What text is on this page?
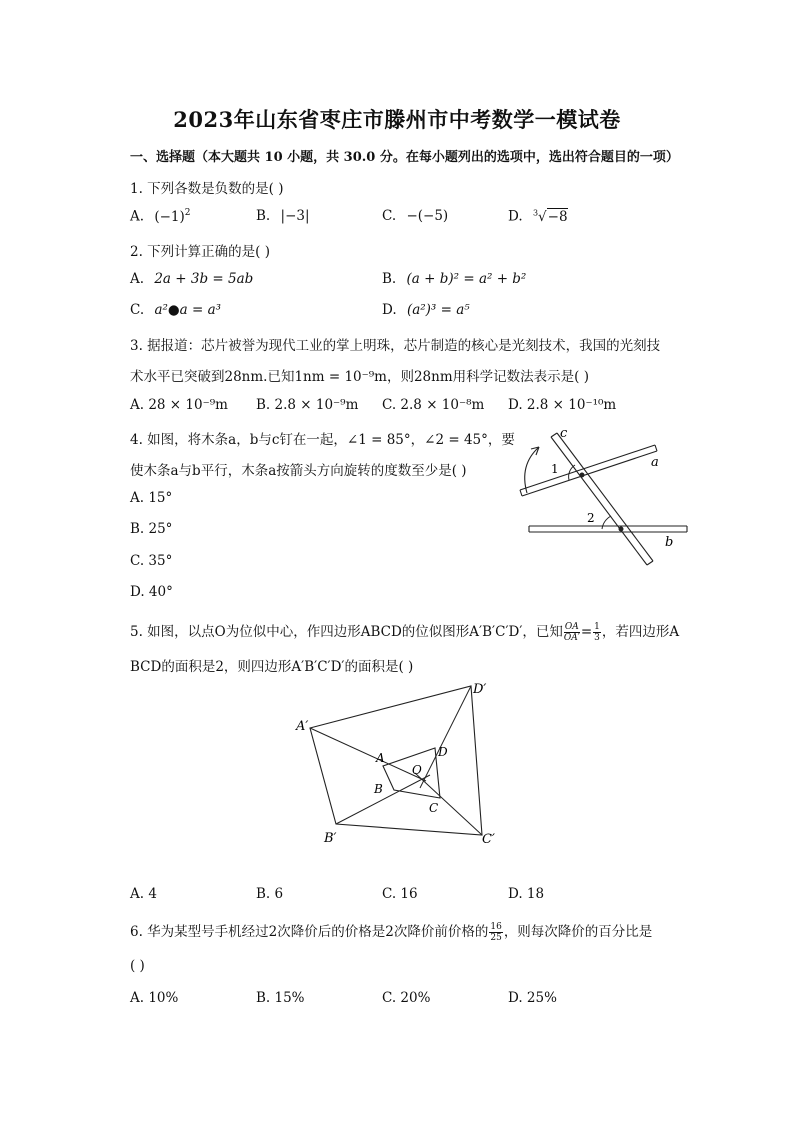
2023年山东省枣庄市滕州市中考数学一模试卷
一、选择题（本大题共 10 小题，共 30.0 分。在每小题列出的选项中，选出符合题目的一项）
1. 下列各数是负数的是( )
A. $(-1)^2$	B. |−3|	C. −(−5)	D. $^3$√−8
2. 下列计算正确的是( )
A. 2a + 3b = 5ab	B. (a + b)² = a² + b²
C. a²●a = a³	D. (a²)³ = a⁵
3. 据报道：芯片被誉为现代工业的掌上明珠，芯片制造的核心是光刻技术，我国的光刻技
术水平已突破到28nm.已知1nm = 10⁻⁹m，则28nm用科学记数法表示是( )
A. 28 × 10⁻⁹m B. 2.8 × 10⁻⁹m C. 2.8 × 10⁻⁸m D. 2.8 × 10⁻¹⁰m
4. 如图，将木条a，b与c钉在一起，∠1 = 85°，∠2 = 45°，要
使木条a与b平行，木条a按箭头方向旋转的度数至少是( )
A. 15°
B. 25°
C. 35°
D. 40°
c
a
b
1
2
5. 如图，以点O为位似中心，作四边形ABCD的位似图形A′B′C′D′，已知 $\frac{OA}{OA'} = \frac{1}{3}$ ，若四边形A
BCD的面积是2，则四边形A′B′C′D′的面积是( )
A′
D′
C′
B′
A	D
C
B
O
A. 4	B. 6	C. 16	D. 18
6. 华为某型号手机经过2次降价后的价格是2次降价前价格的 $\frac{16}{25}$ ，则每次降价的百分比是
( )
A. 10%	B. 15%	C. 20%	D. 25%
